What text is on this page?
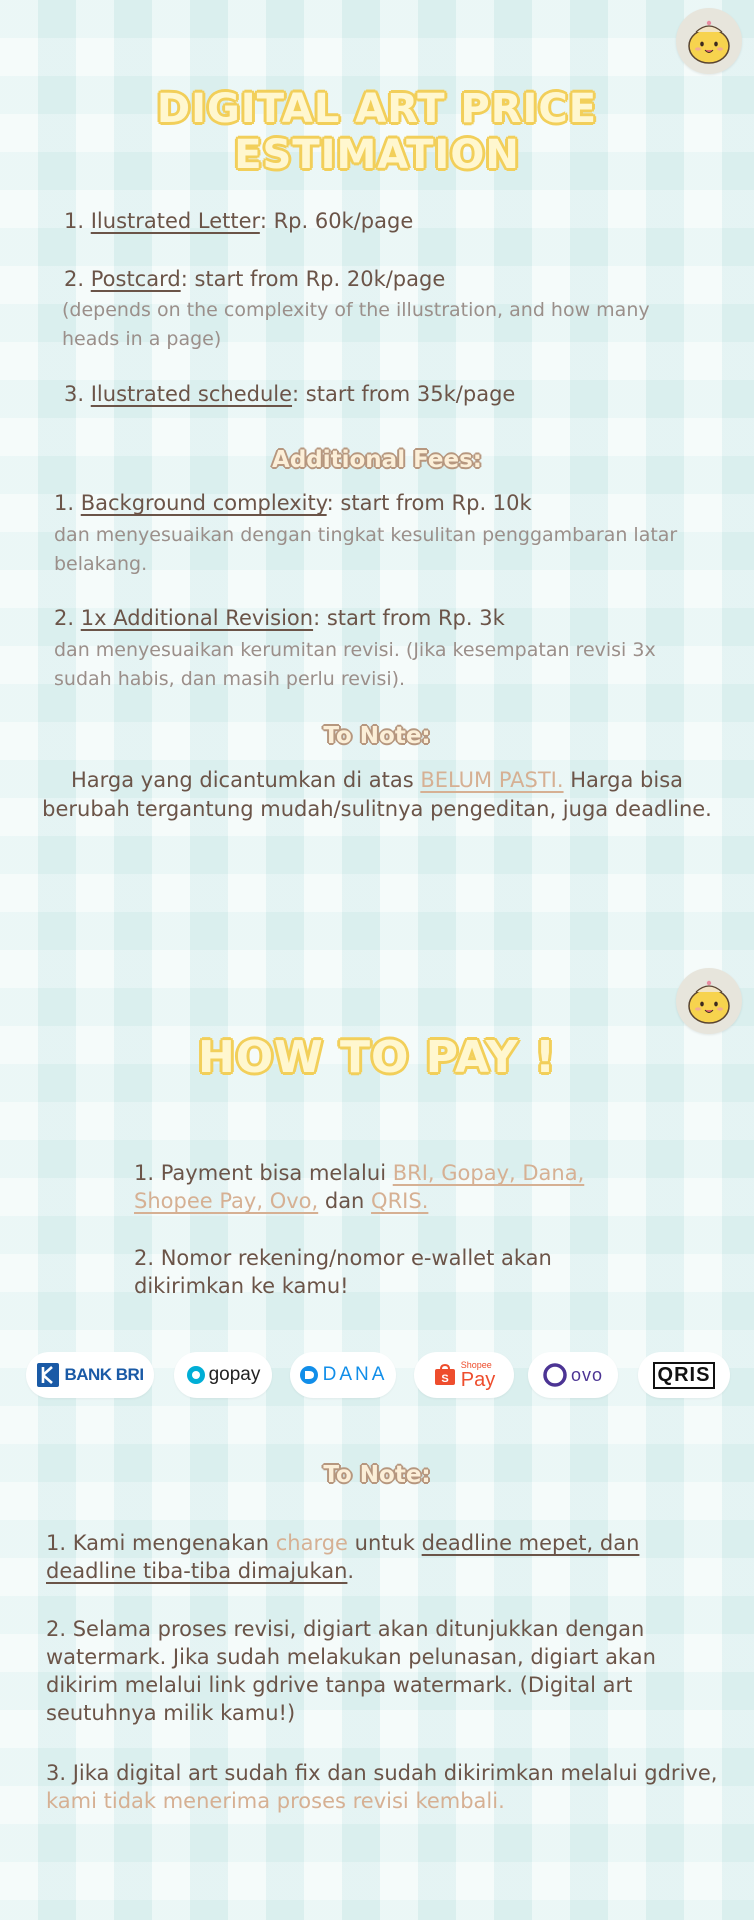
DIGITAL ART PRICE ESTIMATION
1. Ilustrated Letter: Rp. 60k/page
2. Postcard: start from Rp. 20k/page
(depends on the complexity of the illustration, and how many heads in a page)
3. Ilustrated schedule: start from 35k/page
Additional Fees:
1. Background complexity: start from Rp. 10k
dan menyesuaikan dengan tingkat kesulitan penggambaran latar belakang.
2. 1x Additional Revision: start from Rp. 3k
dan menyesuaikan kerumitan revisi. (Jika kesempatan revisi 3x sudah habis, dan masih perlu revisi).
To Note:
Harga yang dicantumkan di atas BELUM PASTI. Harga bisa berubah tergantung mudah/sulitnya pengeditan, juga deadline.
HOW TO PAY !
1. Payment bisa melalui BRI, Gopay, Dana, Shopee Pay, Ovo, dan QRIS.
2. Nomor rekening/nomor e-wallet akan dikirimkan ke kamu!
BANK BRI	gopay	DANA	S
Shopee
Pay	ovo	QRIS
To Note:
1. Kami mengenakan charge untuk deadline mepet, dan deadline tiba-tiba dimajukan.
2. Selama proses revisi, digiart akan ditunjukkan dengan watermark. Jika sudah melakukan pelunasan, digiart akan dikirim melalui link gdrive tanpa watermark. (Digital art seutuhnya milik kamu!)
3. Jika digital art sudah fix dan sudah dikirimkan melalui gdrive, kami tidak menerima proses revisi kembali.
